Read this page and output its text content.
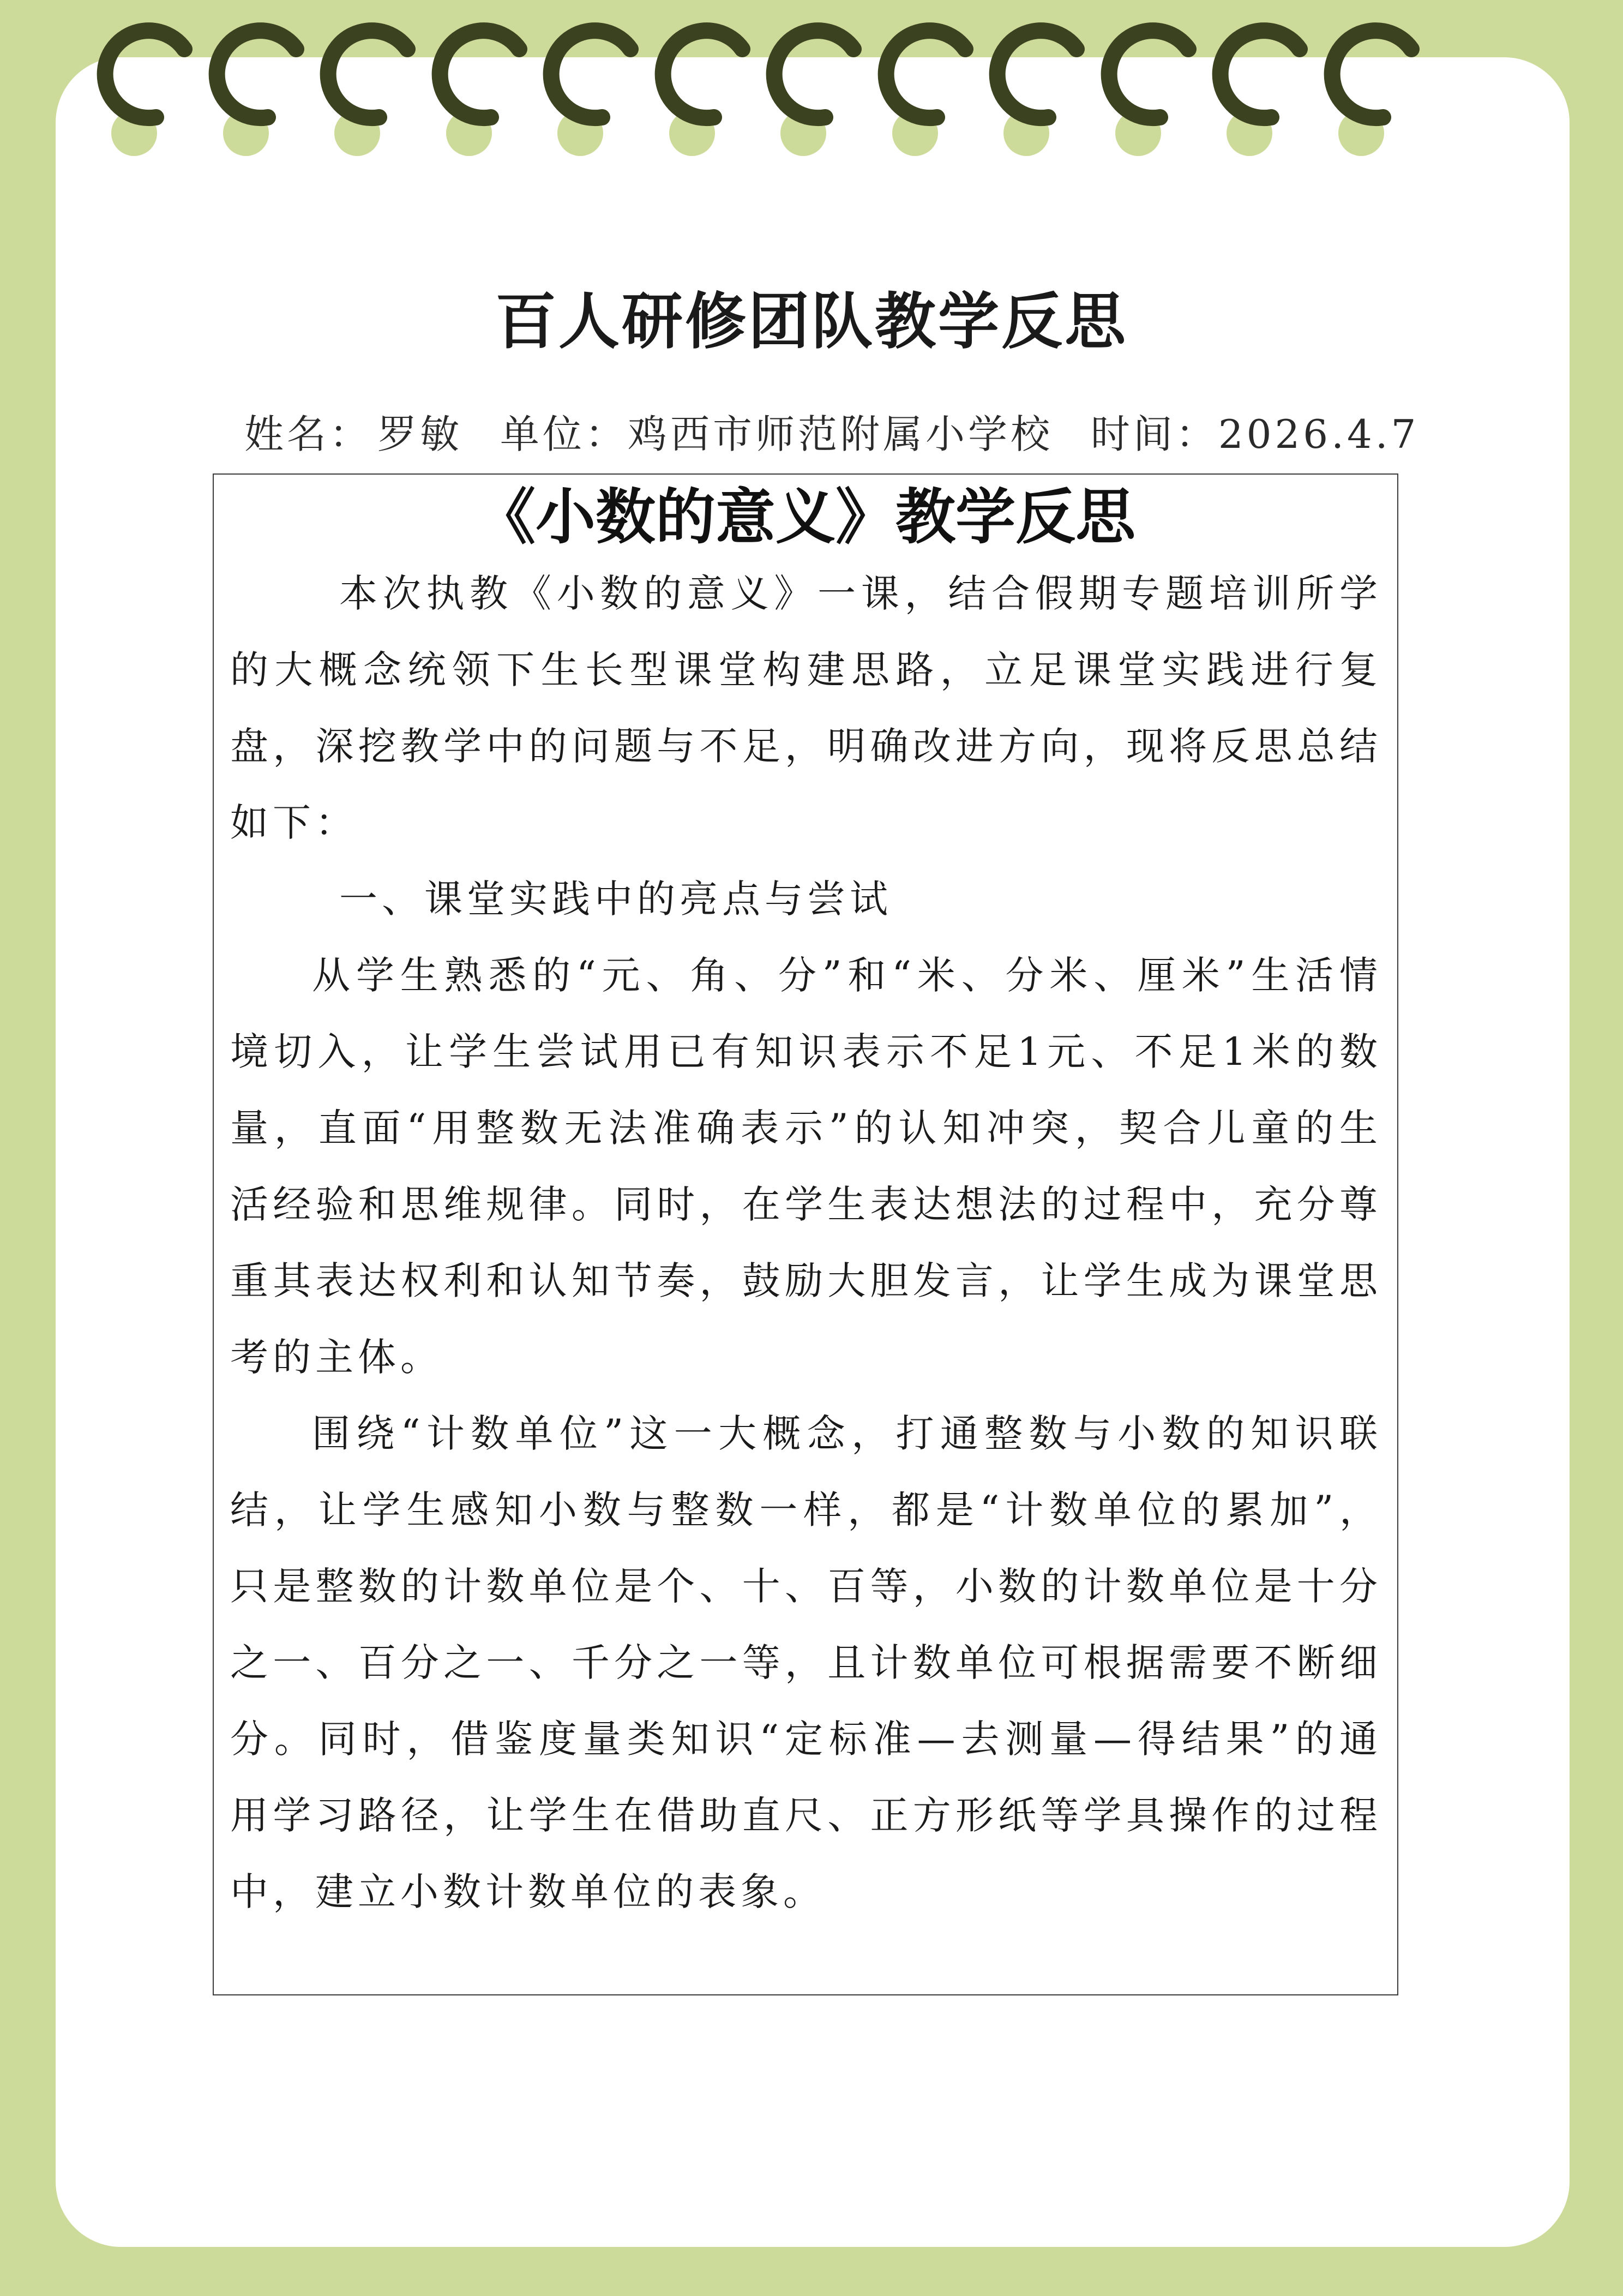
百人研修团队教学反思
姓名： 罗敏 单位：鸡西市师范附属小学校 时间：2026.4.7
《小数的意义》教学反思

本次执教《小数的意义》一课，结合假期专题培训所学的大概念统领下生长型课堂构建思路，立足课堂实践进行复盘，深挖教学中的问题与不足，明确改进方向，现将反思总结如下：

一、课堂实践中的亮点与尝试

从学生熟悉的“元、角、分”和“米、分米、厘米”生活情境切入，让学生尝试用已有知识表示不足1元、不足1米的数量，直面“用整数无法准确表示”的认知冲突，契合儿童的生活经验和思维规律。同时，在学生表达想法的过程中，充分尊重其表达权利和认知节奏，鼓励大胆发言，让学生成为课堂思考的主体。

围绕“计数单位”这一大概念，打通整数与小数的知识联结，让学生感知小数与整数一样，都是“计数单位的累加”，只是整数的计数单位是个、十、百等，小数的计数单位是十分之一、百分之一、千分之一等，且计数单位可根据需要不断细分。同时，借鉴度量类知识“定标准—去测量—得结果”的通用学习路径，让学生在借助直尺、正方形纸等学具操作的过程中，建立小数计数单位的表象。
